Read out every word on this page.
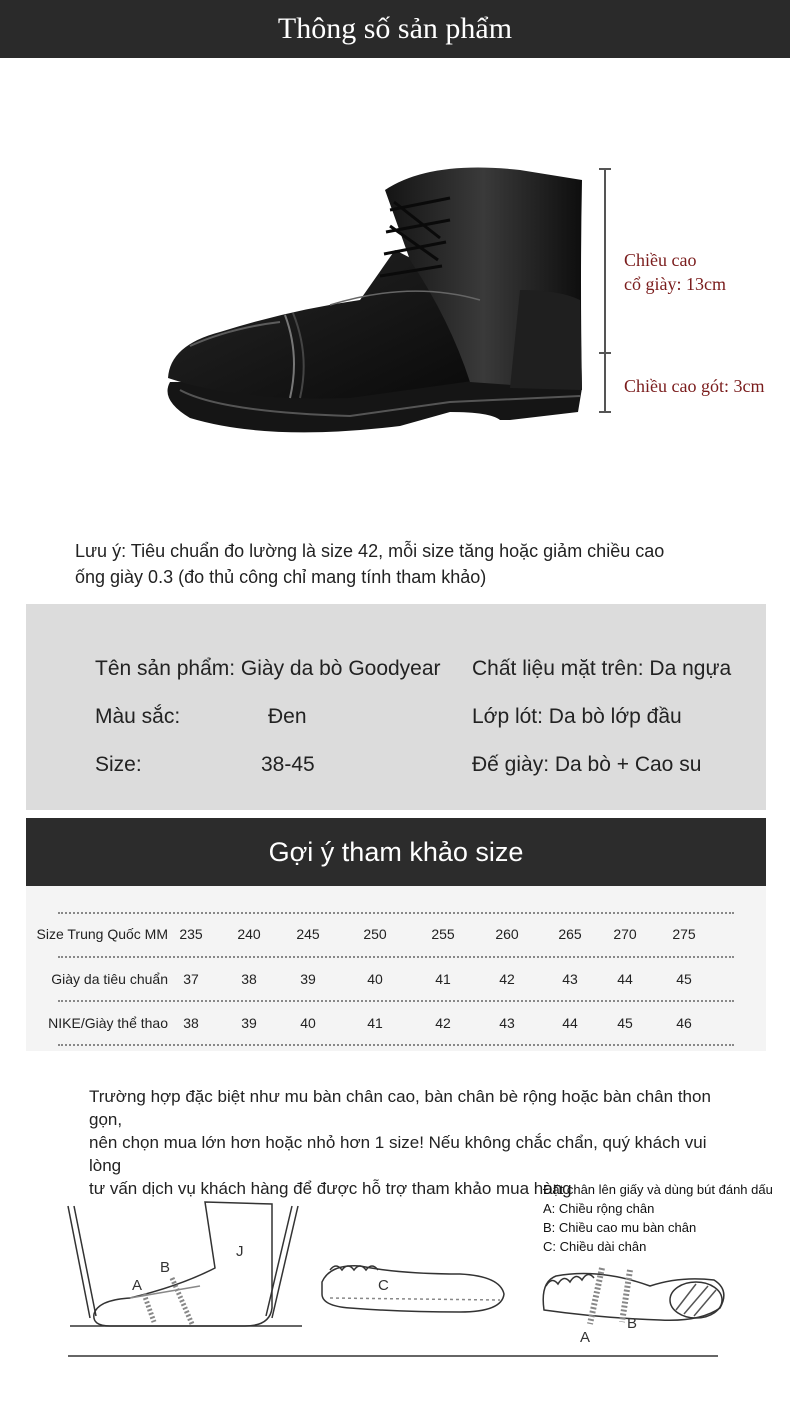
Thông số sản phẩm
Chiều cao
cổ giày: 13cm
Chiều cao gót: 3cm
Lưu ý: Tiêu chuẩn đo lường là size 42, mỗi size tăng hoặc giảm chiều cao
ống giày 0.3 (đo thủ công chỉ mang tính tham khảo)
Tên sản phẩm: Giày da bò Goodyear
Màu sắc:	Đen
Size:	38-45
Chất liệu mặt trên: Da ngựa
Lớp lót: Da bò lớp đầu
Đế giày: Da bò + Cao su
Gợi ý tham khảo size
Size Trung Quốc MM 235	240	245	250	255	260	265	270	275
Giày da tiêu chuẩn	37	38	39	40	41	42	43	44	45
NIKE/Giày thể thao	38	39	40	41	42	43	44	45	46
Trường hợp đặc biệt như mu bàn chân cao, bàn chân bè rộng hoặc bàn chân thon gọn,
nên chọn mua lớn hơn hoặc nhỏ hơn 1 size! Nếu không chắc chẩn, quý khách vui lòng
tư vấn dịch vụ khách hàng để được hỗ trợ tham khảo mua hàng
Đặt chân lên giấy và dùng bút đánh dấu
A: Chiều rộng chân
B: Chiều cao mu bàn chân
C: Chiều dài chân
A
B
J
C
A
B
